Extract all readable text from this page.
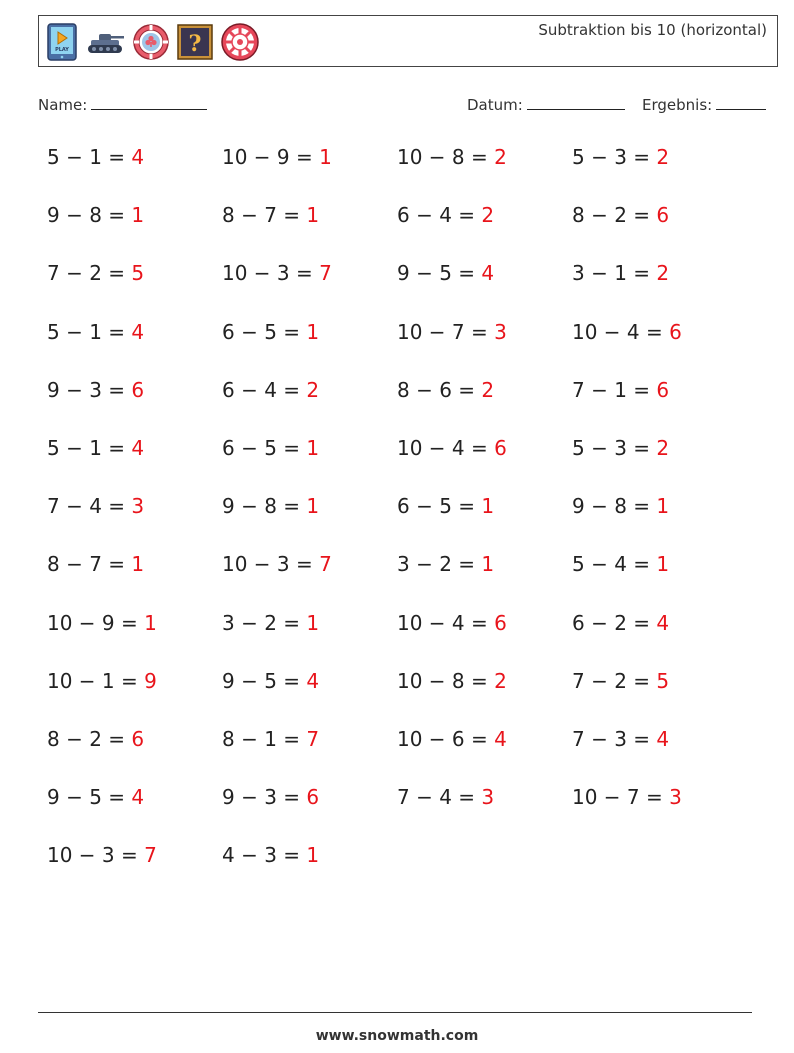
PLAY	?
Subtraktion bis 10 (horizontal)
Name:	Datum:	Ergebnis:
5 − 1 = 4	10 − 9 = 1	10 − 8 = 2	5 − 3 = 2
9 − 8 = 1	8 − 7 = 1	6 − 4 = 2	8 − 2 = 6
7 − 2 = 5	10 − 3 = 7	9 − 5 = 4	3 − 1 = 2
5 − 1 = 4	6 − 5 = 1	10 − 7 = 3	10 − 4 = 6
9 − 3 = 6	6 − 4 = 2	8 − 6 = 2	7 − 1 = 6
5 − 1 = 4	6 − 5 = 1	10 − 4 = 6	5 − 3 = 2
7 − 4 = 3	9 − 8 = 1	6 − 5 = 1	9 − 8 = 1
8 − 7 = 1	10 − 3 = 7	3 − 2 = 1	5 − 4 = 1
10 − 9 = 1	3 − 2 = 1	10 − 4 = 6	6 − 2 = 4
10 − 1 = 9	9 − 5 = 4	10 − 8 = 2	7 − 2 = 5
8 − 2 = 6	8 − 1 = 7	10 − 6 = 4	7 − 3 = 4
9 − 5 = 4	9 − 3 = 6	7 − 4 = 3	10 − 7 = 3
10 − 3 = 7	4 − 3 = 1
www.snowmath.com
